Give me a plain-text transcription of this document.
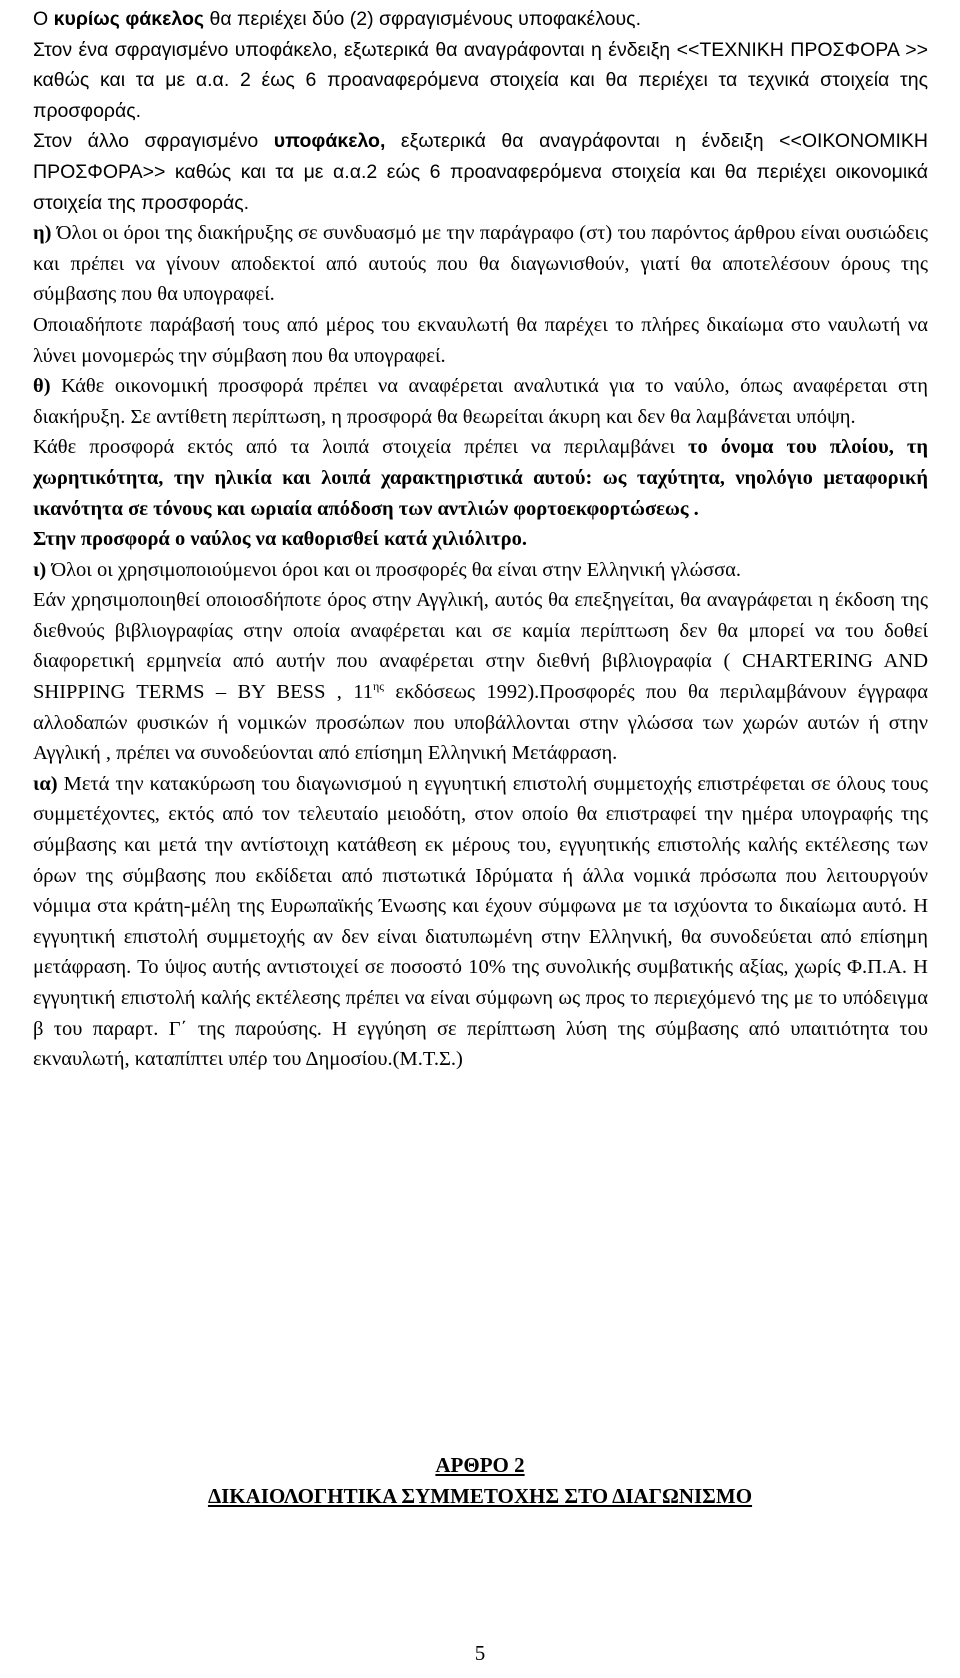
Ο κυρίως φάκελος θα περιέχει δύο (2) σφραγισμένους υποφακέλους.
Στον ένα σφραγισμένο υποφάκελο, εξωτερικά θα αναγράφονται η ένδειξη <<ΤΕΧΝΙΚΗ ΠΡΟΣΦΟΡΑ >> καθώς και τα με α.α. 2 έως 6 προαναφερόμενα στοιχεία και θα περιέχει τα τεχνικά στοιχεία της προσφοράς.

Στον άλλο σφραγισμένο υποφάκελο, εξωτερικά θα αναγράφονται η ένδειξη <<ΟΙΚΟΝΟΜΙΚΗ ΠΡΟΣΦΟΡΑ>> καθώς και τα με α.α.2 εώς 6 προαναφερόμενα στοιχεία και θα περιέχει οικονομικά στοιχεία της προσφοράς.

η) Όλοι οι όροι της διακήρυξης σε συνδυασμό με την παράγραφο (στ) του παρόντος άρθρου είναι ουσιώδεις και πρέπει να γίνουν αποδεκτοί από αυτούς που θα διαγωνισθούν, γιατί θα αποτελέσουν όρους της σύμβασης που θα υπογραφεί.

Οποιαδήποτε παράβασή τους από μέρος του εκναυλωτή θα παρέχει το πλήρες δικαίωμα στο ναυλωτή να λύνει μονομερώς την σύμβαση που θα υπογραφεί.

θ) Κάθε οικονομική προσφορά πρέπει να αναφέρεται αναλυτικά για το ναύλο, όπως αναφέρεται στη διακήρυξη. Σε αντίθετη περίπτωση, η προσφορά θα θεωρείται άκυρη και δεν θα λαμβάνεται υπόψη.

Κάθε προσφορά εκτός από τα λοιπά στοιχεία πρέπει να περιλαμβάνει το όνομα του πλοίου, τη χωρητικότητα, την ηλικία και λοιπά χαρακτηριστικά αυτού: ως ταχύτητα, νηολόγιο μεταφορική ικανότητα σε τόνους και ωριαία απόδοση των αντλιών φορτοεκφορτώσεως .
Στην προσφορά ο ναύλος να καθορισθεί κατά χιλιόλιτρο.

ι) Όλοι οι χρησιμοποιούμενοι όροι και οι προσφορές θα είναι στην Ελληνική γλώσσα.
Εάν χρησιμοποιηθεί οποιοσδήποτε όρος στην Αγγλική, αυτός θα επεξηγείται, θα αναγράφεται η έκδοση της διεθνούς βιβλιογραφίας στην οποία αναφέρεται και σε καμία περίπτωση δεν θα μπορεί να του δοθεί διαφορετική ερμηνεία από αυτήν που αναφέρεται στην διεθνή βιβλιογραφία ( CHARTERING AND SHIPPING TERMS – BY BESS , $11^{\eta\varsigma}$ εκδόσεως 1992).Προσφορές που θα περιλαμβάνουν έγγραφα αλλοδαπών φυσικών ή νομικών προσώπων που υποβάλλονται στην γλώσσα των χωρών αυτών ή στην Αγγλική , πρέπει να συνοδεύονται από επίσημη Ελληνική Μετάφραση.

ια) Μετά την κατακύρωση του διαγωνισμού η εγγυητική επιστολή συμμετοχής επιστρέφεται σε όλους τους συμμετέχοντες, εκτός από τον τελευταίο μειοδότη, στον οποίο θα επιστραφεί την ημέρα υπογραφής της σύμβασης και μετά την αντίστοιχη κατάθεση εκ μέρους του, εγγυητικής επιστολής καλής εκτέλεσης των όρων της σύμβασης που εκδίδεται από πιστωτικά Ιδρύματα ή άλλα νομικά πρόσωπα που λειτουργούν νόμιμα στα κράτη-μέλη της Ευρωπαϊκής Ένωσης και έχουν σύμφωνα με τα ισχύοντα το δικαίωμα αυτό. Η εγγυητική επιστολή συμμετοχής αν δεν είναι διατυπωμένη στην Ελληνική, θα συνοδεύεται από επίσημη μετάφραση. Το ύψος αυτής αντιστοιχεί σε ποσοστό 10% της συνολικής συμβατικής αξίας, χωρίς Φ.Π.Α. Η εγγυητική επιστολή καλής εκτέλεσης πρέπει να είναι σύμφωνη ως προς το περιεχόμενό της με το υπόδειγμα β του παραρτ. Γ΄ της παρούσης. Η εγγύηση σε περίπτωση λύση της σύμβασης από υπαιτιότητα του εκναυλωτή, καταπίπτει υπέρ του Δημοσίου.(Μ.Τ.Σ.)

ΑΡΘΡΟ 2
ΔΙΚΑΙΟΛΟΓΗΤΙΚΑ ΣΥΜΜΕΤΟΧΗΣ ΣΤΟ ΔΙΑΓΩΝΙΣΜΟ
5
